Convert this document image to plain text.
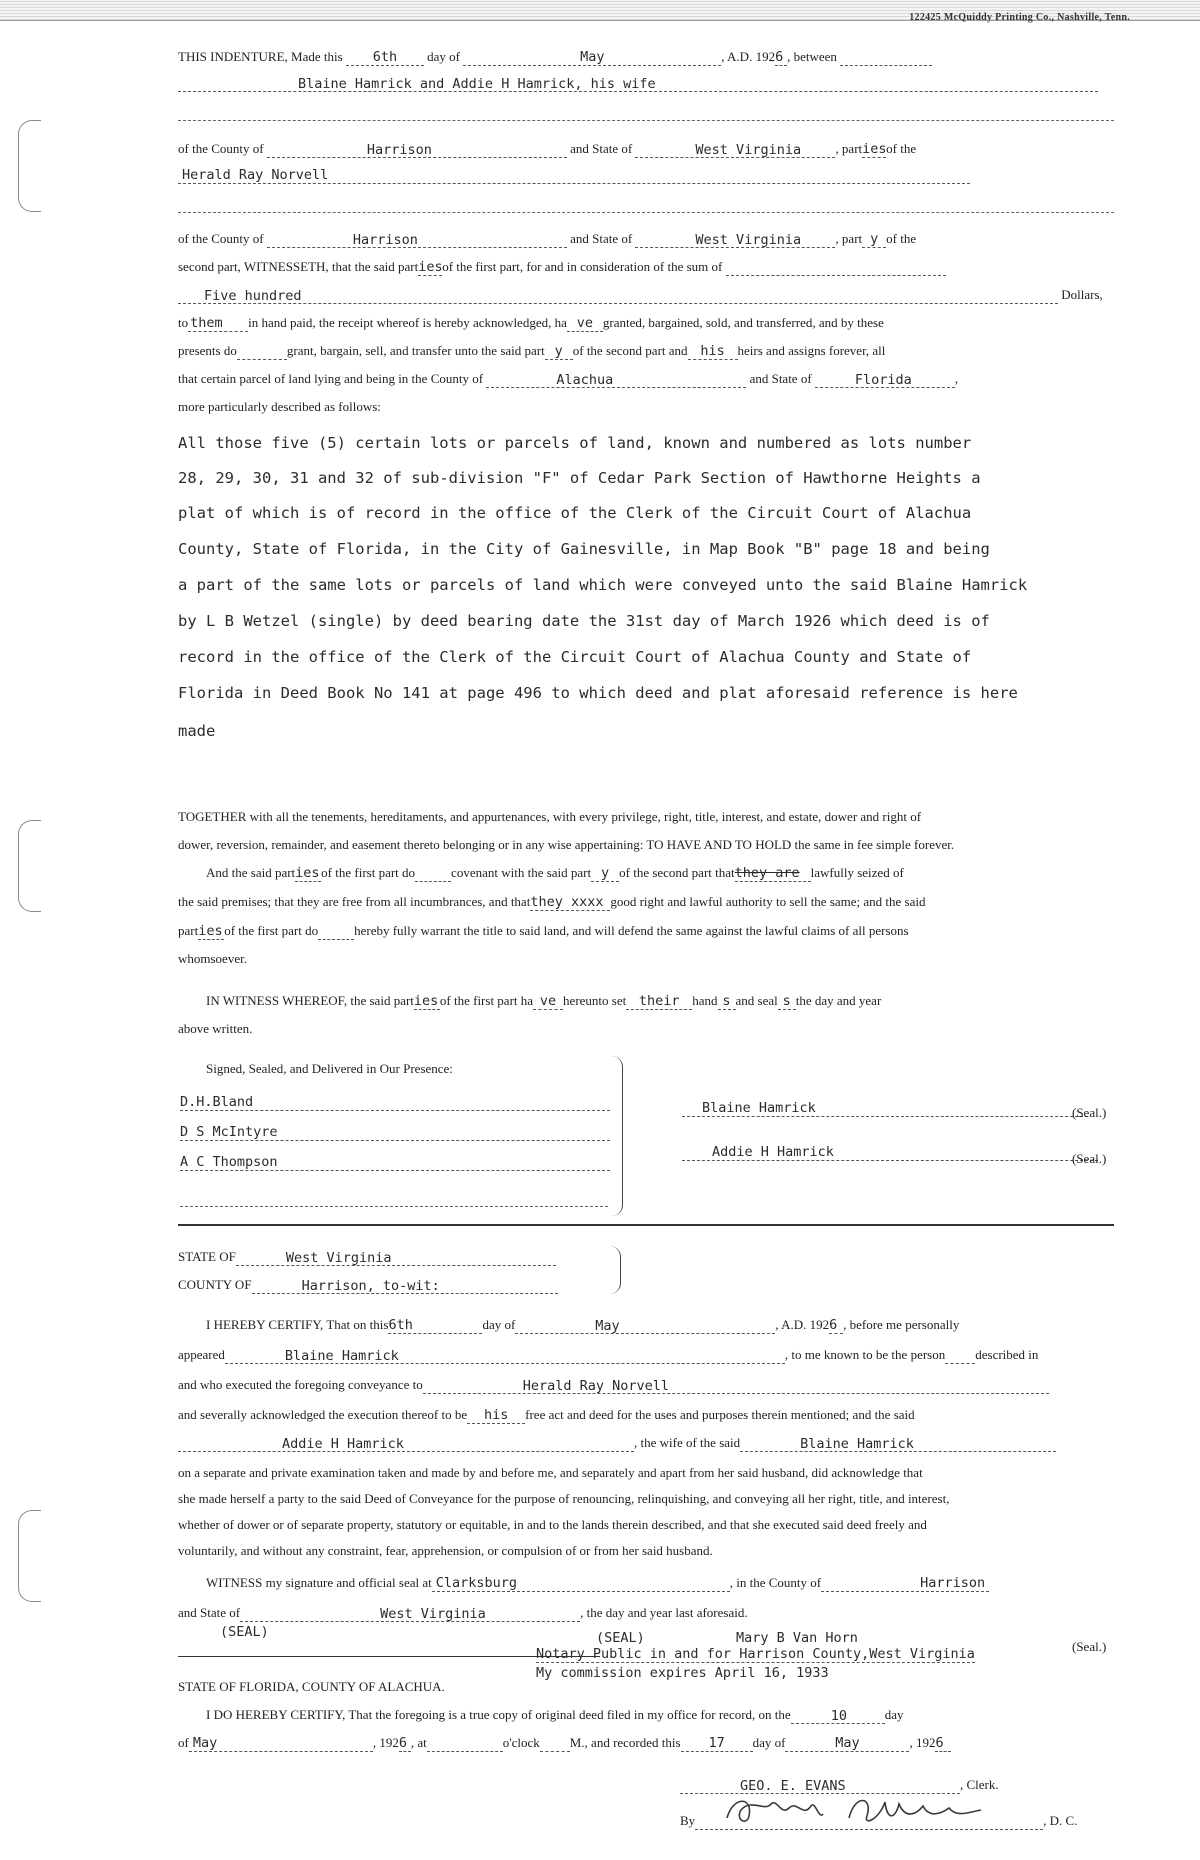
122425 McQuiddy Printing Co., Nashville, Tenn.
THIS INDENTURE, Made this 6th day of	May	, A.D. 1926 , between
Blaine Hamrick and Addie H Hamrick, his wife
of the County of	Harrison	and State of	West Virginia	, partiesof the
Herald Ray Norvell
of the County of	Harrison	and State of	West Virginia	, part y of the
second part, WITNESSETH, that the said partiesof the first part, for and in consideration of the sum of
Five hundred	Dollars,
to them in hand paid, the receipt whereof is hereby acknowledged, ha ve granted, bargained, sold, and transferred, and by these
presents do	grant, bargain, sell, and transfer unto the said part y of the second part and his heirs and assigns forever, all
that certain parcel of land lying and being in the County of	Alachua	and State of	Florida	,
more particularly described as follows:
All those five (5) certain lots or parcels of land, known and numbered as lots number
28, 29, 30, 31 and 32 of sub-division "F" of Cedar Park Section of Hawthorne Heights a
plat of which is of record in the office of the Clerk of the Circuit Court of Alachua
County, State of Florida, in the City of Gainesville, in Map Book "B" page 18 and being
a part of the same lots or parcels of land which were conveyed unto the said Blaine Hamrick
by L B Wetzel (single) by deed bearing date the 31st day of March 1926 which deed is of
record in the office of the Clerk of the Circuit Court of Alachua County and State of
Florida in Deed Book No 141 at page 496 to which deed and plat aforesaid reference is here
made
TOGETHER with all the tenements, hereditaments, and appurtenances, with every privilege, right, title, interest, and estate, dower and right of
dower, reversion, remainder, and easement thereto belonging or in any wise appertaining: TO HAVE AND TO HOLD the same in fee simple forever.
And the said parties of the first part do	covenant with the said part y of the second part thatthey are lawfully seized of
the said premises; that they are free from all incumbrances, and thatthey xxxx good right and lawful authority to sell the same; and the said
parties of the first part do	hereby fully warrant the title to said land, and will defend the same against the lawful claims of all persons
whomsoever.
IN WITNESS WHEREOF, the said parties of the first part ha ve hereunto set their hand s and seal s the day and year
above written.
Signed, Sealed, and Delivered in Our Presence:
D.H.Bland
D S McIntyre
A C Thompson
Blaine Hamrick	(Seal.)
Addie H Hamrick	(Seal.)
STATE OF	West Virginia
COUNTY OF	Harrison, to-wit:
I HEREBY CERTIFY, That on this6th	day of	May	, A.D. 1926 , before me personally
appeared	Blaine Hamrick	, to me known to be the person described in
and who executed the foregoing conveyance to	Herald Ray Norvell
and severally acknowledged the execution thereof to be his free act and deed for the uses and purposes therein mentioned; and the said
Addie H Hamrick	, the wife of the said	Blaine Hamrick
on a separate and private examination taken and made by and before me, and separately and apart from her said husband, did acknowledge that
she made herself a party to the said Deed of Conveyance for the purpose of renouncing, relinquishing, and conveying all her right, title, and interest,
whether of dower or of separate property, statutory or equitable, in and to the lands therein described, and that she executed said deed freely and
voluntarily, and without any constraint, fear, apprehension, or compulsion of or from her said husband.
WITNESS my signature and official seal at Clarksburg	, in the County of	Harrison
and State of	West Virginia	, the day and year last aforesaid.
(SEAL)	(SEAL)	Mary B Van Horn
Notary Public in and for Harrison County,West Virginia	(Seal.)
My commission expires April 16, 1933
STATE OF FLORIDA, COUNTY OF ALACHUA.
I DO HEREBY CERTIFY, That the foregoing is a true copy of original deed filed in my office for record, on the	10	day
of May	, 1926 , at	o'clock M., and recorded this 17 day of	May	, 1926
GEO. E. EVANS	, Clerk.
By	, D. C.
